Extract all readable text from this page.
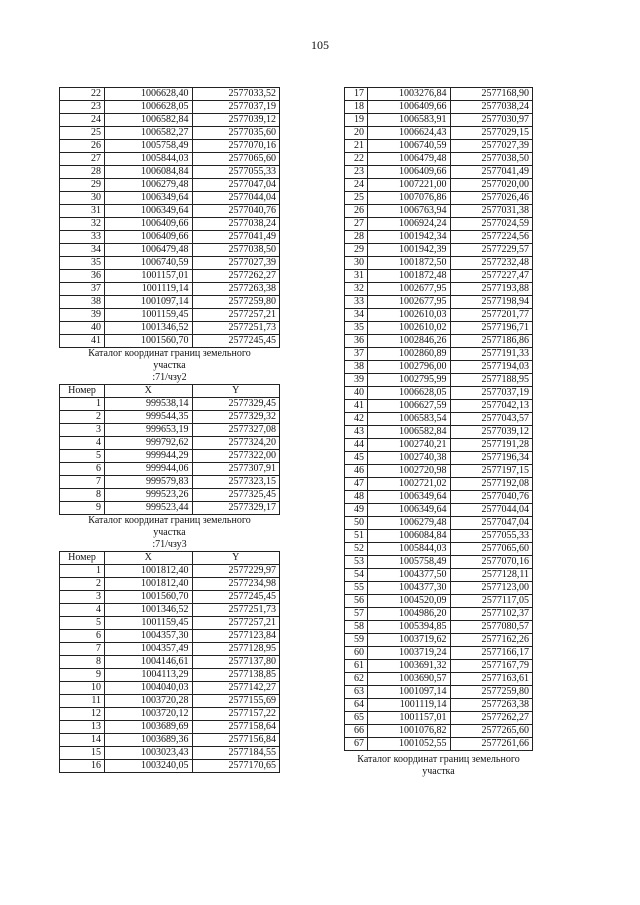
105
22	1006628,40	2577033,52
23	1006628,05	2577037,19
24	1006582,84	2577039,12
25	1006582,27	2577035,60
26	1005758,49	2577070,16
27	1005844,03	2577065,60
28	1006084,84	2577055,33
29	1006279,48	2577047,04
30	1006349,64	2577044,04
31	1006349,64	2577040,76
32	1006409,66	2577038,24
33	1006409,66	2577041,49
34	1006479,48	2577038,50
35	1006740,59	2577027,39
36	1001157,01	2577262,27
37	1001119,14	2577263,38
38	1001097,14	2577259,80
39	1001159,45	2577257,21
40	1001346,52	2577251,73
41	1001560,70	2577245,45
Каталог координат границ земельного
участка
:71/чзу2
Номер	X	Y
1	999538,14	2577329,45
2	999544,35	2577329,32
3	999653,19	2577327,08
4	999792,62	2577324,20
5	999944,29	2577322,00
6	999944,06	2577307,91
7	999579,83	2577323,15
8	999523,26	2577325,45
9	999523,44	2577329,17
Каталог координат границ земельного
участка
:71/чзу3
Номер	X	Y
1	1001812,40	2577229,97
2	1001812,40	2577234,98
3	1001560,70	2577245,45
4	1001346,52	2577251,73
5	1001159,45	2577257,21
6	1004357,30	2577123,84
7	1004357,49	2577128,95
8	1004146,61	2577137,80
9	1004113,29	2577138,85
10	1004040,03	2577142,27
11	1003720,28	2577155,69
12	1003720,12	2577157,22
13	1003689,69	2577158,64
14	1003689,36	2577156,84
15	1003023,43	2577184,55
16	1003240,05	2577170,65
17	1003276,84	2577168,90
18	1006409,66	2577038,24
19	1006583,91	2577030,97
20	1006624,43	2577029,15
21	1006740,59	2577027,39
22	1006479,48	2577038,50
23	1006409,66	2577041,49
24	1007221,00	2577020,00
25	1007076,86	2577026,46
26	1006763,94	2577031,38
27	1006924,24	2577024,59
28	1001942,34	2577224,56
29	1001942,39	2577229,57
30	1001872,50	2577232,48
31	1001872,48	2577227,47
32	1002677,95	2577193,88
33	1002677,95	2577198,94
34	1002610,03	2577201,77
35	1002610,02	2577196,71
36	1002846,26	2577186,86
37	1002860,89	2577191,33
38	1002796,00	2577194,03
39	1002795,99	2577188,95
40	1006628,05	2577037,19
41	1006627,59	2577042,13
42	1006583,54	2577043,57
43	1006582,84	2577039,12
44	1002740,21	2577191,28
45	1002740,38	2577196,34
46	1002720,98	2577197,15
47	1002721,02	2577192,08
48	1006349,64	2577040,76
49	1006349,64	2577044,04
50	1006279,48	2577047,04
51	1006084,84	2577055,33
52	1005844,03	2577065,60
53	1005758,49	2577070,16
54	1004377,50	2577128,11
55	1004377,30	2577123,00
56	1004520,09	2577117,05
57	1004986,20	2577102,37
58	1005394,85	2577080,57
59	1003719,62	2577162,26
60	1003719,24	2577166,17
61	1003691,32	2577167,79
62	1003690,57	2577163,61
63	1001097,14	2577259,80
64	1001119,14	2577263,38
65	1001157,01	2577262,27
66	1001076,82	2577265,60
67	1001052,55	2577261,66
Каталог координат границ земельного
участка
